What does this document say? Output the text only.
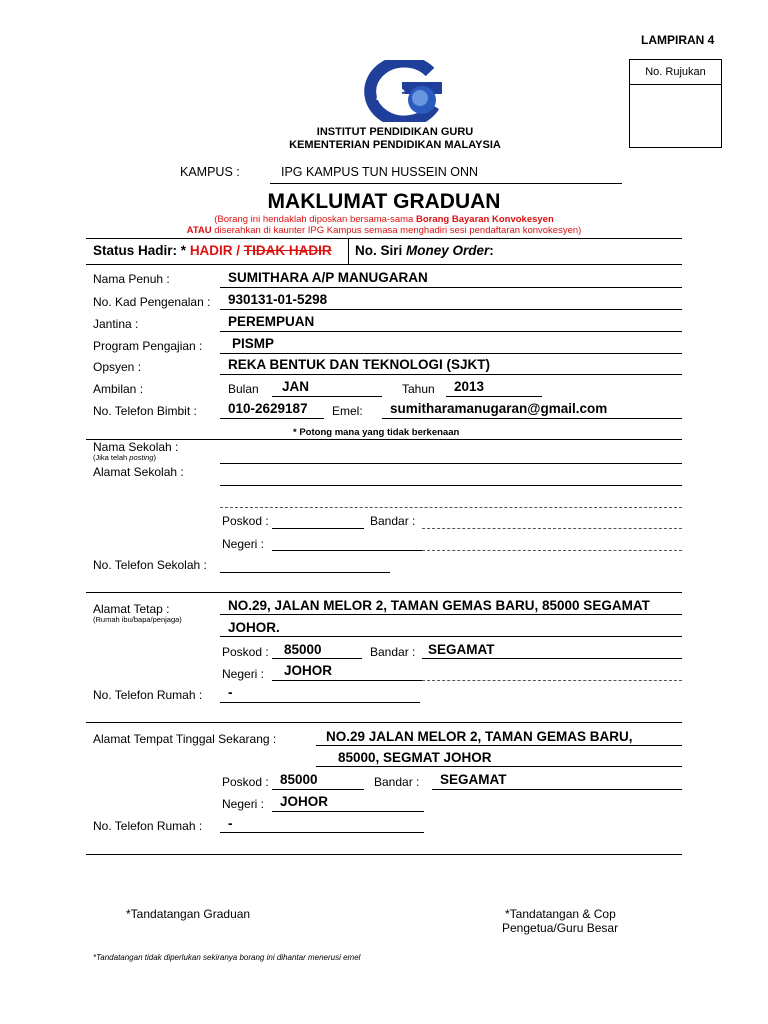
LAMPIRAN 4
No. Rujukan
IPG
INSTITUT PENDIDIKAN GURU
KEMENTERIAN PENDIDIKAN MALAYSIA
KAMPUS :	IPG KAMPUS TUN HUSSEIN ONN
MAKLUMAT GRADUAN
(Borang ini hendaklah diposkan bersama-sama Borang Bayaran Konvokesyen
ATAU diserahkan di kaunter IPG Kampus semasa menghadiri sesi pendaftaran konvokesyen)
Status Hadir: * HADIR / TIDAK HADIR No. Siri Money Order:
Nama Penuh :	SUMITHARA A/P MANUGARAN
No. Kad Pengenalan : 930131-01-5298
Jantina :	PEREMPUAN
Program Pengajian : PISMP
Opsyen :	REKA BENTUK DAN TEKNOLOGI (SJKT)
Ambilan :	Bulan JAN	Tahun 2013
No. Telefon Bimbit : 010-2629187 Emel: sumitharamanugaran@gmail.com
* Potong mana yang tidak berkenaan
Nama Sekolah :
(Jika telah posting)
Alamat Sekolah :
Poskod :	Bandar :
Negeri :
No. Telefon Sekolah :
Alamat Tetap :
(Rumah ibu/bapa/penjaga)
NO.29, JALAN MELOR 2, TAMAN GEMAS BARU, 85000 SEGAMAT
JOHOR.
Poskod : 85000	Bandar : SEGAMAT
Negeri : JOHOR
No. Telefon Rumah : -
Alamat Tempat Tinggal Sekarang :	NO.29 JALAN MELOR 2, TAMAN GEMAS BARU,
85000, SEGMAT JOHOR
Poskod : 85000	Bandar : SEGAMAT
Negeri : JOHOR
No. Telefon Rumah : -
*Tandatangan Graduan	*Tandatangan & Cop
Pengetua/Guru Besar
*Tandatangan tidak diperlukan sekiranya borang ini dihantar menerusi emel
